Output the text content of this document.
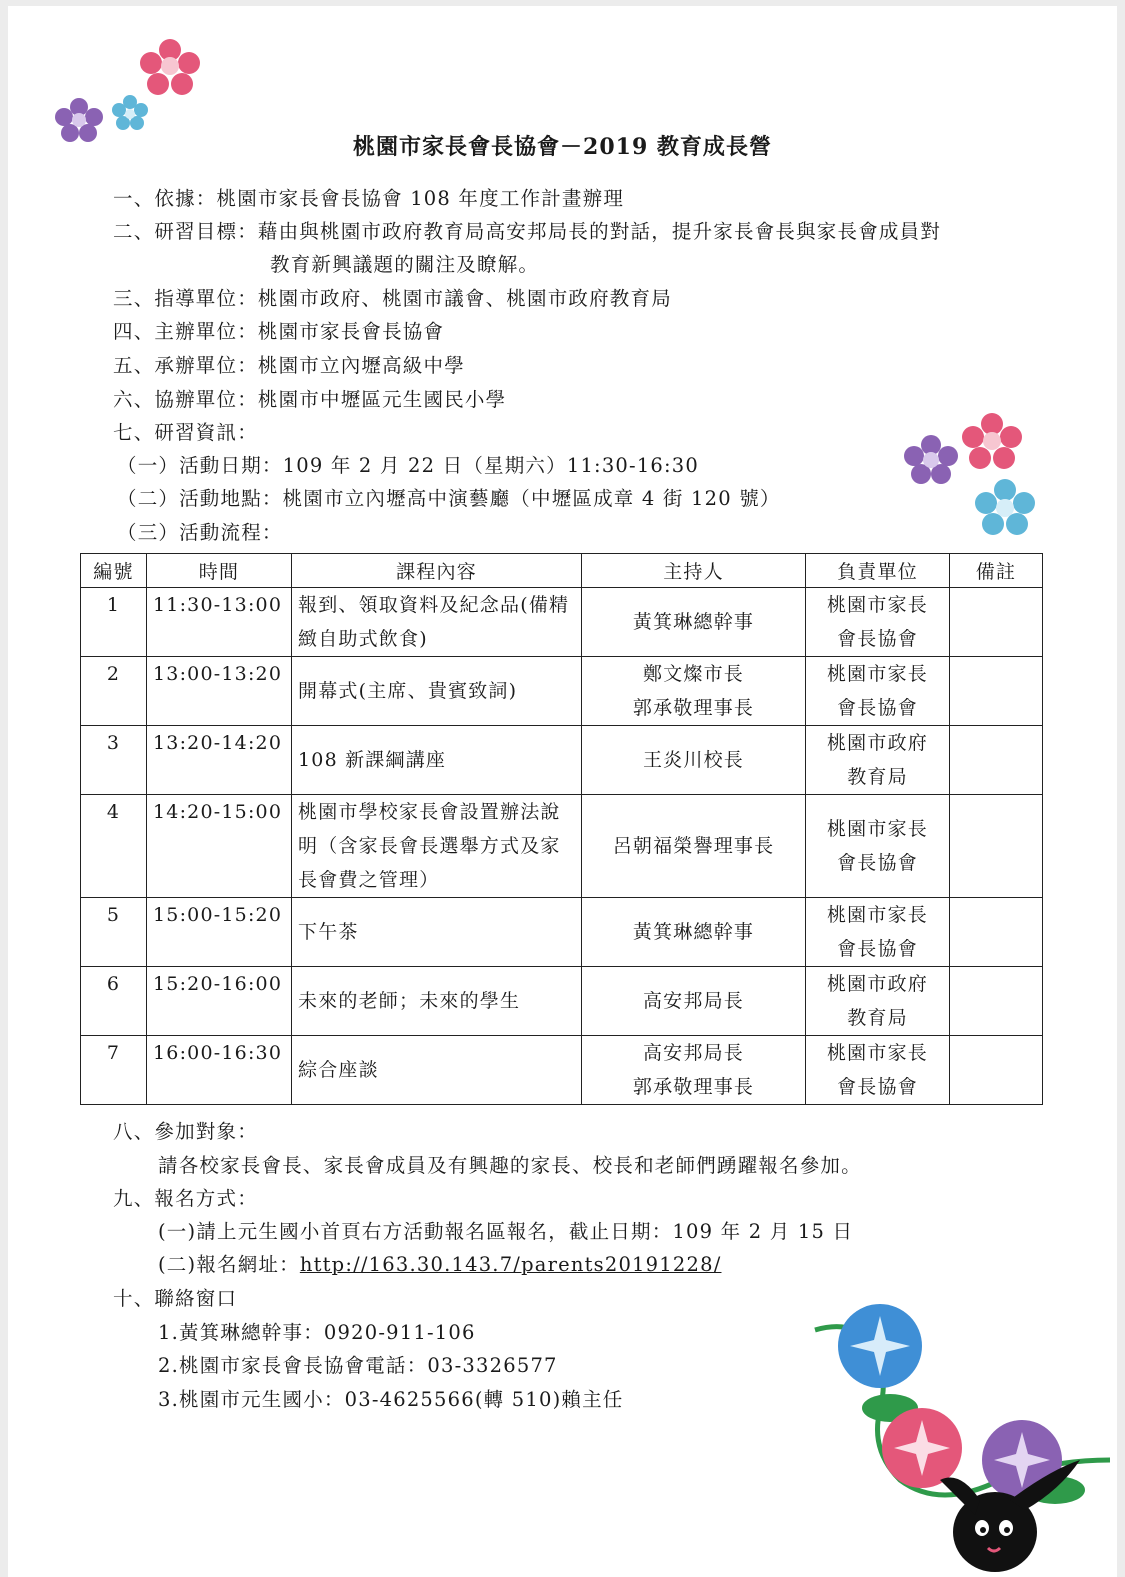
桃園市家長會長協會－2019 教育成長營
一、依據：桃園市家長會長協會 108 年度工作計畫辦理
二、研習目標：藉由與桃園市政府教育局高安邦局長的對話，提升家長會長與家長會成員對
教育新興議題的關注及瞭解。
三、指導單位：桃園市政府、桃園市議會、桃園市政府教育局
四、主辦單位：桃園市家長會長協會
五、承辦單位：桃園市立內壢高級中學
六、協辦單位：桃園市中壢區元生國民小學
七、研習資訊：
（一）活動日期：109 年 2 月 22 日（星期六）11:30-16:30
（二）活動地點：桃園市立內壢高中演藝廳（中壢區成章 4 街 120 號）
（三）活動流程：
編號	時間	課程內容	主持人	負責單位	備註
1	11:30-13:00	報到、領取資料及紀念品(備精緻自助式飲食)	黃箕琳總幹事	桃園市家長
會長協會	

2	13:00-13:20	開幕式(主席、貴賓致詞)	鄭文燦市長
郭承敬理事長	桃園市家長
會長協會	

3	13:20-14:20	108 新課綱講座	王炎川校長	桃園市政府
教育局	

4	14:20-15:00	桃園市學校家長會設置辦法說明（含家長會長選舉方式及家長會費之管理）	呂朝福榮譽理事長	桃園市家長
會長協會	

5	15:00-15:20	下午茶	黃箕琳總幹事	桃園市家長
會長協會	

6	15:20-16:00	未來的老師；未來的學生	高安邦局長	桃園市政府
教育局	

7	16:00-16:30	綜合座談	高安邦局長
郭承敬理事長	桃園市家長
會長協會	

八、參加對象：
請各校家長會長、家長會成員及有興趣的家長、校長和老師們踴躍報名參加。
九、報名方式：
(一)請上元生國小首頁右方活動報名區報名，截止日期：109 年 2 月 15 日
(二)報名網址：http://163.30.143.7/parents20191228/
十、聯絡窗口
1.黃箕琳總幹事：0920-911-106
2.桃園市家長會長協會電話：03-3326577
3.桃園市元生國小：03-4625566(轉 510)賴主任
